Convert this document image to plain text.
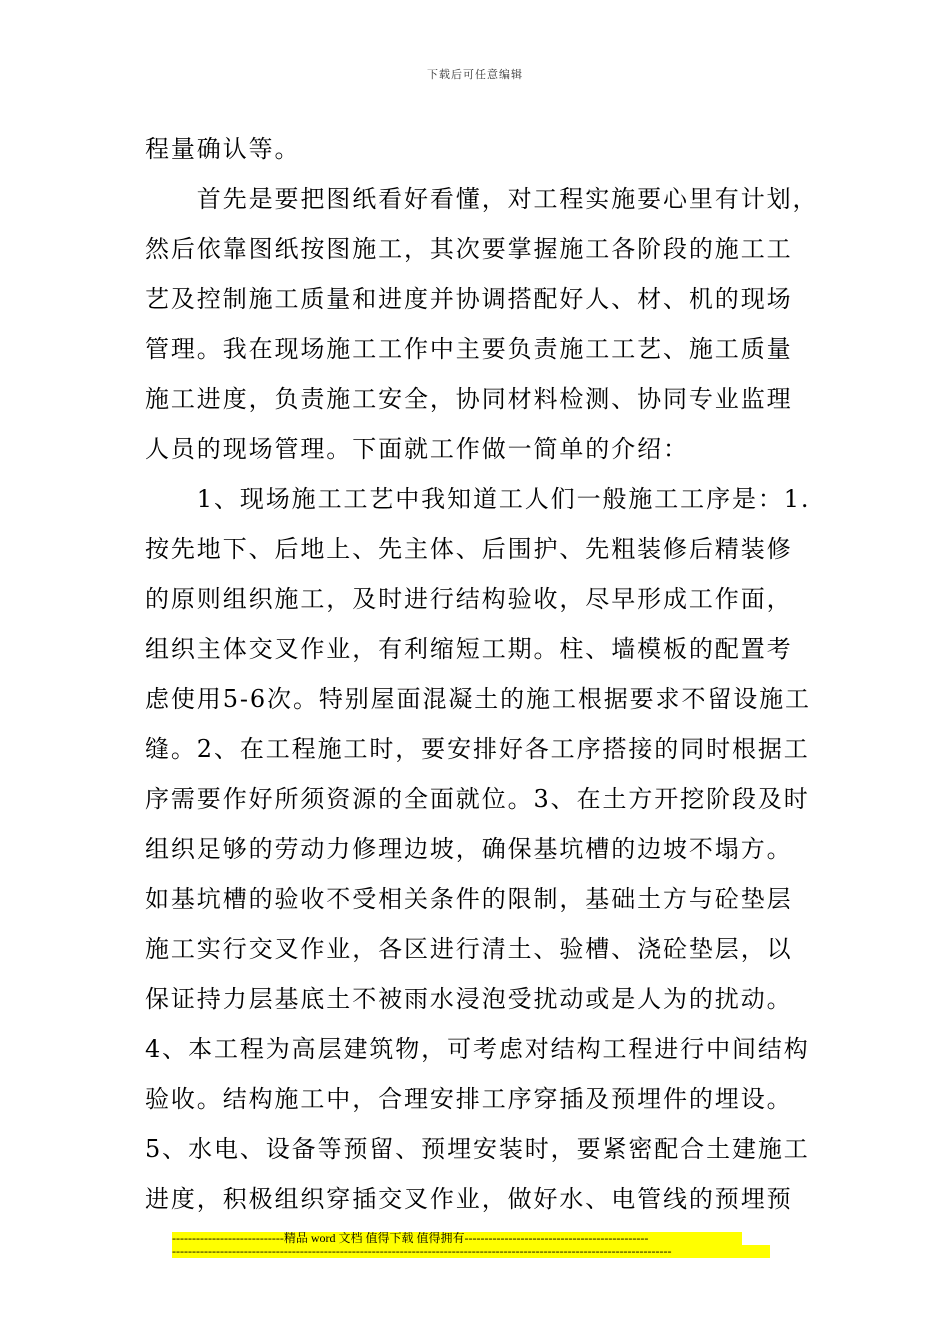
下载后可任意编辑
程量确认等。
　　首先是要把图纸看好看懂，对工程实施要心里有计划，
然后依靠图纸按图施工，其次要掌握施工各阶段的施工工
艺及控制施工质量和进度并协调搭配好人、材、机的现场
管理。我在现场施工工作中主要负责施工工艺、施工质量
施工进度，负责施工安全，协同材料检测、协同专业监理
人员的现场管理。下面就工作做一简单的介绍：
　　1、现场施工工艺中我知道工人们一般施工工序是：1.
按先地下、后地上、先主体、后围护、先粗装修后精装修
的原则组织施工，及时进行结构验收，尽早形成工作面，
组织主体交叉作业，有利缩短工期。柱、墙模板的配置考
虑使用5-6次。特别屋面混凝土的施工根据要求不留设施工
缝。2、在工程施工时，要安排好各工序搭接的同时根据工
序需要作好所须资源的全面就位。3、在土方开挖阶段及时
组织足够的劳动力修理边坡，确保基坑槽的边坡不塌方。
如基坑槽的验收不受相关条件的限制，基础土方与砼垫层
施工实行交叉作业，各区进行清土、验槽、浇砼垫层，以
保证持力层基底土不被雨水浸泡受扰动或是人为的扰动。
4、本工程为高层建筑物，可考虑对结构工程进行中间结构
验收。结构施工中，合理安排工序穿插及预埋件的埋设。
5、水电、设备等预留、预埋安装时，要紧密配合土建施工
进度，积极组织穿插交叉作业，做好水、电管线的预埋预
----------------------------精品 word 文档 值得下载 值得拥有----------------------------------------------
-----------------------------------------------------------------------------------------------------------------------------
